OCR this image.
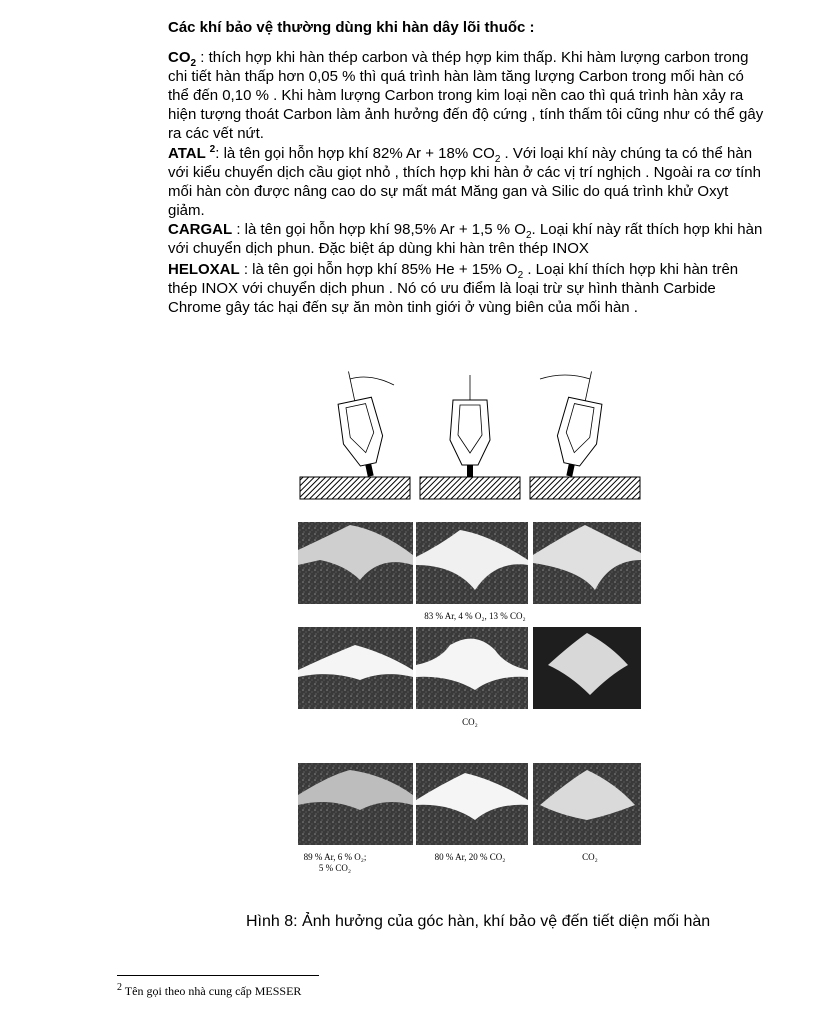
Các khí bảo vệ thường dùng khi hàn dây lõi thuốc :
$CO_2$ : thích hợp khi hàn thép carbon và thép hợp kim thấp. Khi hàm lượng carbon trong chi tiết hàn thấp hơn 0,05 % thì quá trình hàn làm tăng lượng Carbon trong mối hàn có thể đến 0,10 % . Khi hàm lượng Carbon trong kim loại nền cao thì quá trình hàn xảy ra hiện tượng thoát Carbon làm ảnh hưởng đến độ cứng , tính thấm tôi cũng như có thể gây ra các vết nứt.
ATAL $^2$: là tên gọi hỗn hợp khí 82% Ar + 18% $CO_2$ . Với loại khí này chúng ta có thể hàn với kiểu chuyển dịch cầu giọt nhỏ , thích hợp khi hàn ở các vị trí nghịch . Ngoài ra cơ tính mối hàn còn được nâng cao do sự mất mát Măng gan và Silic do quá trình khử Oxyt giảm.
CARGAL : là tên gọi hỗn hợp khí 98,5% Ar + 1,5 % $O_2$. Loại khí này rất thích hợp khi hàn với chuyển dịch phun. Đặc biệt áp dùng khi hàn trên thép INOX
HELOXAL : là tên gọi hỗn hợp khí 85% He + 15% $O_2$ . Loại khí thích hợp khi hàn trên thép INOX với chuyển dịch phun . Nó có ưu điểm là loại trừ sự hình thành Carbide Chrome gây tác hại đến sự ăn mòn tinh giới ở vùng biên của mối hàn .
83 % Ar, 4 % O₂, 13 % CO₂
CO₂
89 % Ar, 6 % O₂;
5 % CO₂
80 % Ar, 20 % CO₂	CO₂
Hình 8: Ảnh hưởng của góc hàn, khí bảo vệ đến tiết diện mối hàn
$^2$ Tên gọi theo nhà cung cấp MESSER
